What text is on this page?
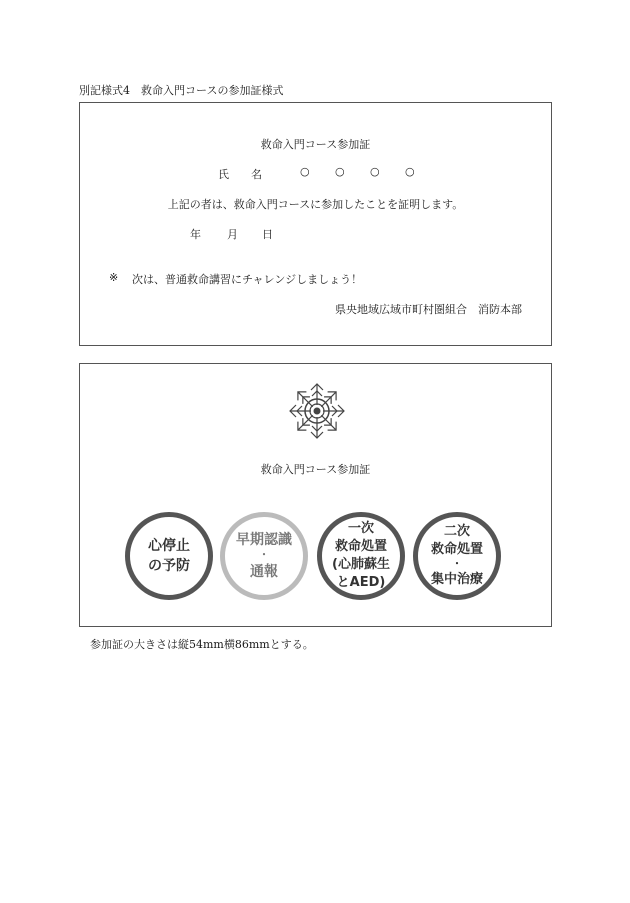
別記様式4　救命入門コースの参加証様式
救命入門コース参加証
氏　　名	○ ○ ○ ○
上記の者は、救命入門コースに参加したことを証明します。
年 月 日
※ 次は、普通救命講習にチャレンジしましょう！
県央地域広域市町村圏組合　消防本部
救命入門コース参加証
心停止
の予防
早期認識
・
通報
一次
救命処置
(心肺蘇生
とAED)
二次
救命処置
・
集中治療
参加証の大きさは縦54mm横86mmとする。
